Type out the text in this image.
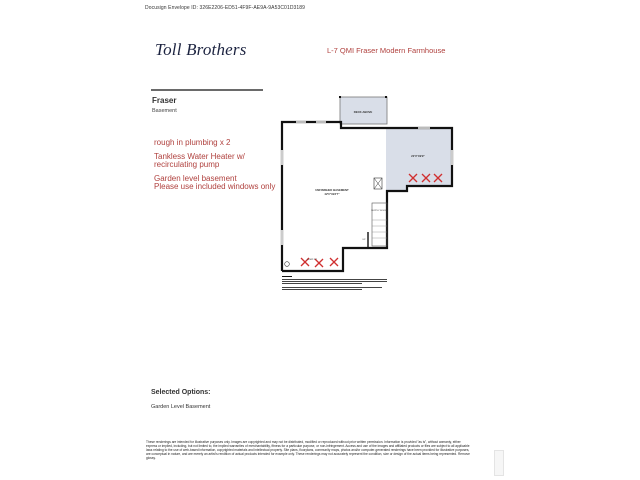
Docusign Envelope ID: 326E2206-ED51-4F9F-AE9A-9A53C01D3189
Toll Brothers	L-7 QMI Fraser Modern Farmhouse
Fraser
Basement
rough in plumbing x 2
Tankless Water Heater w/
recirculating pump
Garden level basement
Please use included windows only
DECK ABOVE
22'3"X9'9"
UNFINISHED BASEMENT
42'0"X23'7"
SUPPLY ROOM
UP
SUMP PIT
Selected Options:
Garden Level Basement
These renderings are intended for illustrative purposes only. Images are copyrighted and may not be distributed, modified or reproduced without prior written permission. Information is provided "as is", without warranty, either express or implied, including, but not limited to, the implied warranties of merchantability, fitness for a particular purpose, or non-infringement. Access and use of the images and affiliated products or files are subject to all applicable laws relating to the use of web-based information, copyrighted materials and intellectual property. Site plans, floorplans, community maps, photos and/or computer-generated renderings have been provided for illustrative purposes, are conceptual in nature, and are merely an artist's rendition of actual products intended for example only. These renderings may not accurately represent the condition, size or design of the actual items being represented. Remove glossy.
